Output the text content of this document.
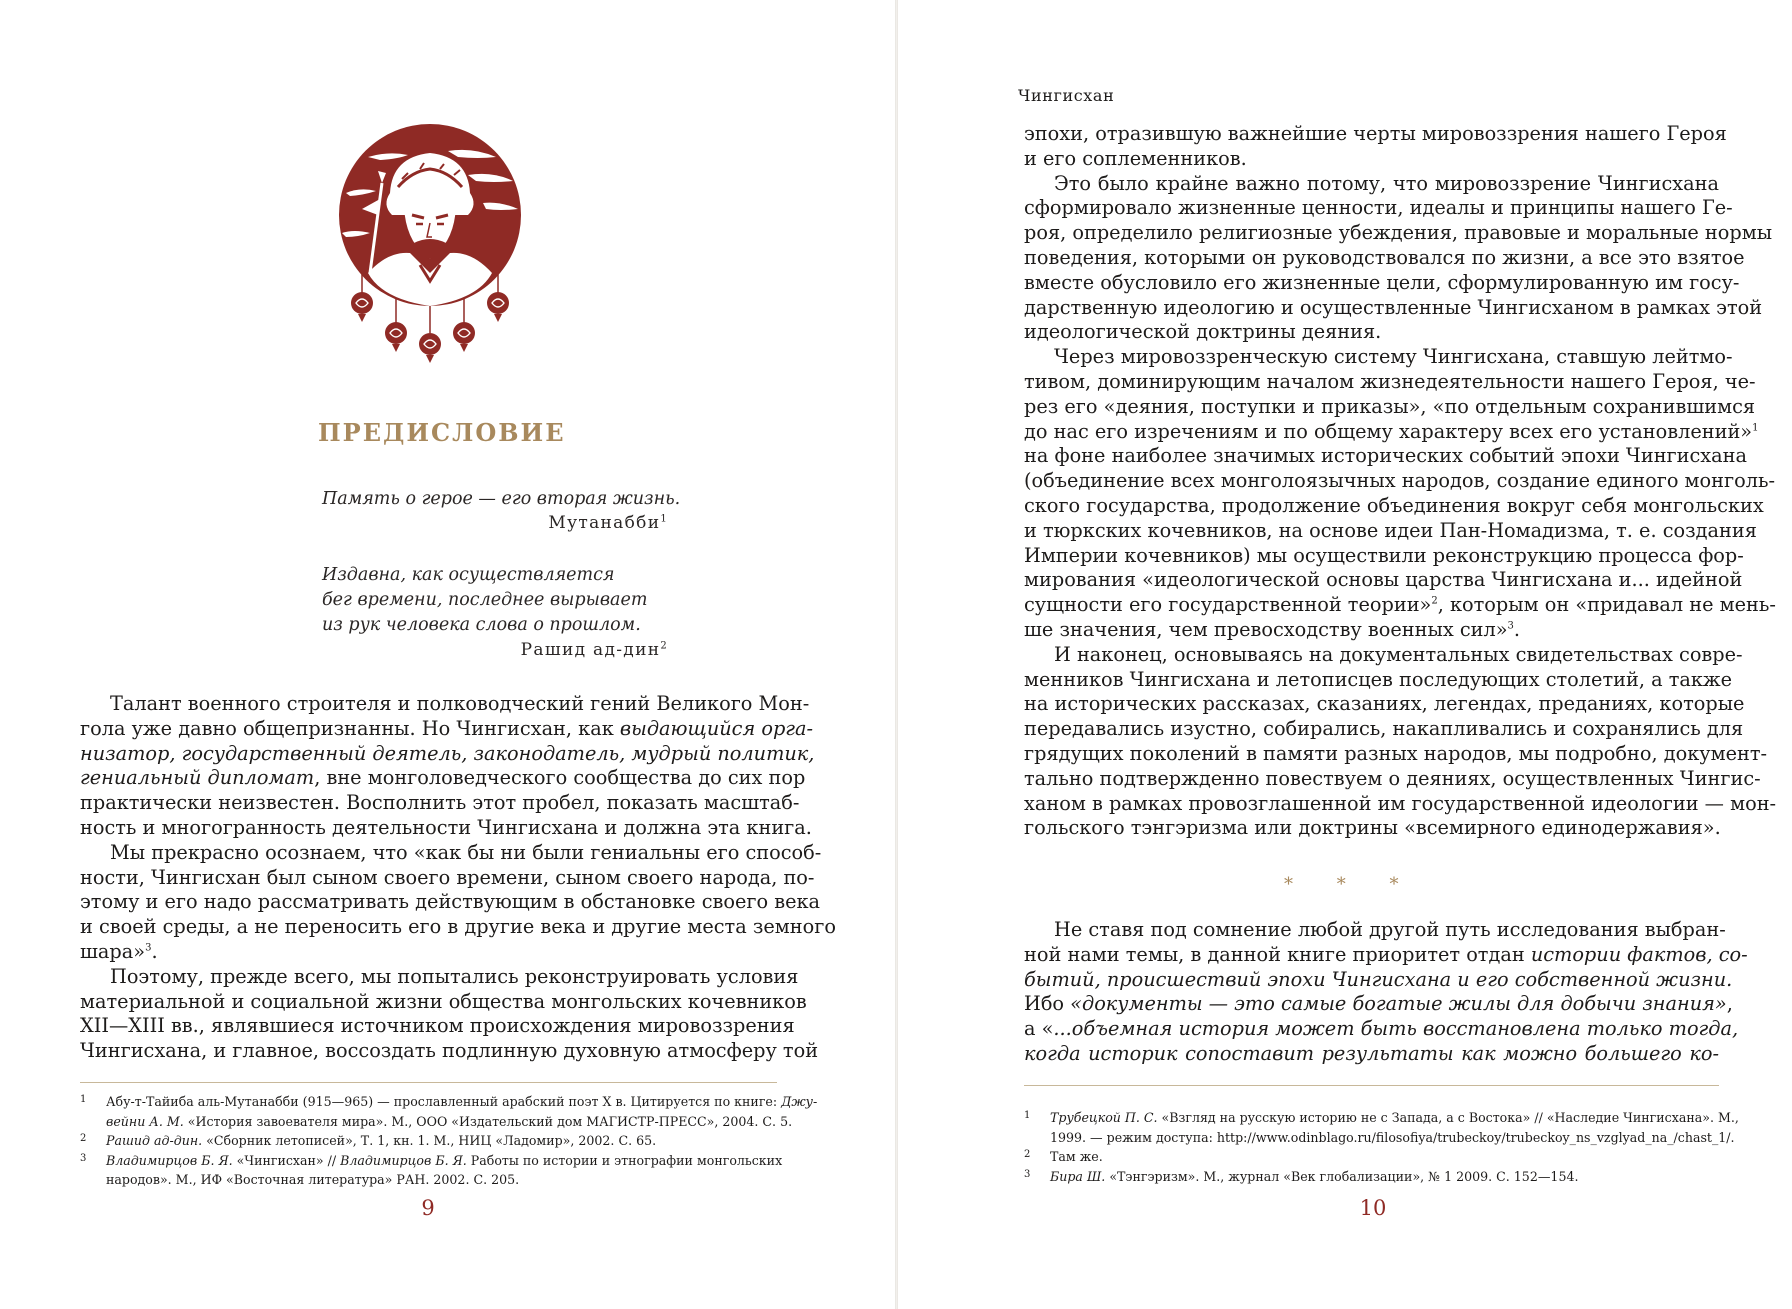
ПРЕДИСЛОВИЕ
Память о герое — его вторая жизнь.
Мутанабби$^1$
Издавна, как осуществляется
бег времени, последнее вырывает
из рук человека слова о прошлом.
Рашид ад-дин$^2$
Талант военного строителя и полководческий гений Великого Мон-
гола уже давно общепризнанны. Но Чингисхан, как выдающийся орга-
низатор, государственный деятель, законодатель, мудрый политик,
гениальный дипломат, вне монголоведческого сообщества до сих пор
практически неизвестен. Восполнить этот пробел, показать масштаб-
ность и многогранность деятельности Чингисхана и должна эта книга.
Мы прекрасно осознаем, что «как бы ни были гениальны его способ-
ности, Чингисхан был сыном своего времени, сыном своего народа, по-
этому и его надо рассматривать действующим в обстановке своего века
и своей среды, а не переносить его в другие века и другие места земного
шара»$^3$.
Поэтому, прежде всего, мы попытались реконструировать условия
материальной и социальной жизни общества монгольских кочевников
XII—XIII вв., являвшиеся источником происхождения мировоззрения
Чингисхана, и главное, воссоздать подлинную духовную атмосферу той
1 Абу-т-Тайиба аль-Мутанабби (915—965) — прославленный арабский поэт X в. Цитируется по книге: Джу-
вейни А. М. «История завоевателя мира». М., ООО «Издательский дом МАГИСТР-ПРЕСС», 2004. С. 5.
2 Рашид ад-дин. «Сборник летописей», Т. 1, кн. 1. М., НИЦ «Ладомир», 2002. С. 65.
3 Владимирцов Б. Я. «Чингисхан» // Владимирцов Б. Я. Работы по истории и этнографии монгольских
народов». М., ИФ «Восточная литература» РАН. 2002. С. 205.
9
Чингисхан
эпохи, отразившую важнейшие черты мировоззрения нашего Героя
и его соплеменников.
Это было крайне важно потому, что мировоззрение Чингисхана
сформировало жизненные ценности, идеалы и принципы нашего Ге-
роя, определило религиозные убеждения, правовые и моральные нормы
поведения, которыми он руководствовался по жизни, а все это взятое
вместе обусловило его жизненные цели, сформулированную им госу-
дарственную идеологию и осуществленные Чингисханом в рамках этой
идеологической доктрины деяния.
Через мировоззренческую систему Чингисхана, ставшую лейтмо-
тивом, доминирующим началом жизнедеятельности нашего Героя, че-
рез его «деяния, поступки и приказы», «по отдельным сохранившимся
до нас его изречениям и по общему характеру всех его установлений»$^1$
на фоне наиболее значимых исторических событий эпохи Чингисхана
(объединение всех монголоязычных народов, создание единого монголь-
ского государства, продолжение объединения вокруг себя монгольских
и тюркских кочевников, на основе идеи Пан-Номадизма, т. е. создания
Империи кочевников) мы осуществили реконструкцию процесса фор-
мирования «идеологической основы царства Чингисхана и... идейной
сущности его государственной теории»$^2$, которым он «придавал не мень-
ше значения, чем превосходству военных сил»$^3$.
И наконец, основываясь на документальных свидетельствах совре-
менников Чингисхана и летописцев последующих столетий, а также
на исторических рассказах, сказаниях, легендах, преданиях, которые
передавались изустно, собирались, накапливались и сохранялись для
грядущих поколений в памяти разных народов, мы подробно, документ-
тально подтвержденно повествуем о деяниях, осуществленных Чингис-
ханом в рамках провозглашенной им государственной идеологии — мон-
гольского тэнгэризма или доктрины «всемирного единодержавия».
* * *
Не ставя под сомнение любой другой путь исследования выбран-
ной нами темы, в данной книге приоритет отдан истории фактов, со-
бытий, происшествий эпохи Чингисхана и его собственной жизни.
Ибо «документы — это самые богатые жилы для добычи знания»,
а «...объемная история может быть восстановлена только тогда,
когда историк сопоставит результаты как можно большего ко-
1 Трубецкой П. С. «Взгляд на русскую историю не с Запада, а с Востока» // «Наследие Чингисхана». М.,
1999. — режим доступа: http://www.odinblago.ru/filosofiya/trubeckoy/trubeckoy_ns_vzglyad_na_/chast_1/.
2 Там же.
3 Бира Ш. «Тэнгэризм». М., журнал «Век глобализации», № 1 2009. С. 152—154.
10
